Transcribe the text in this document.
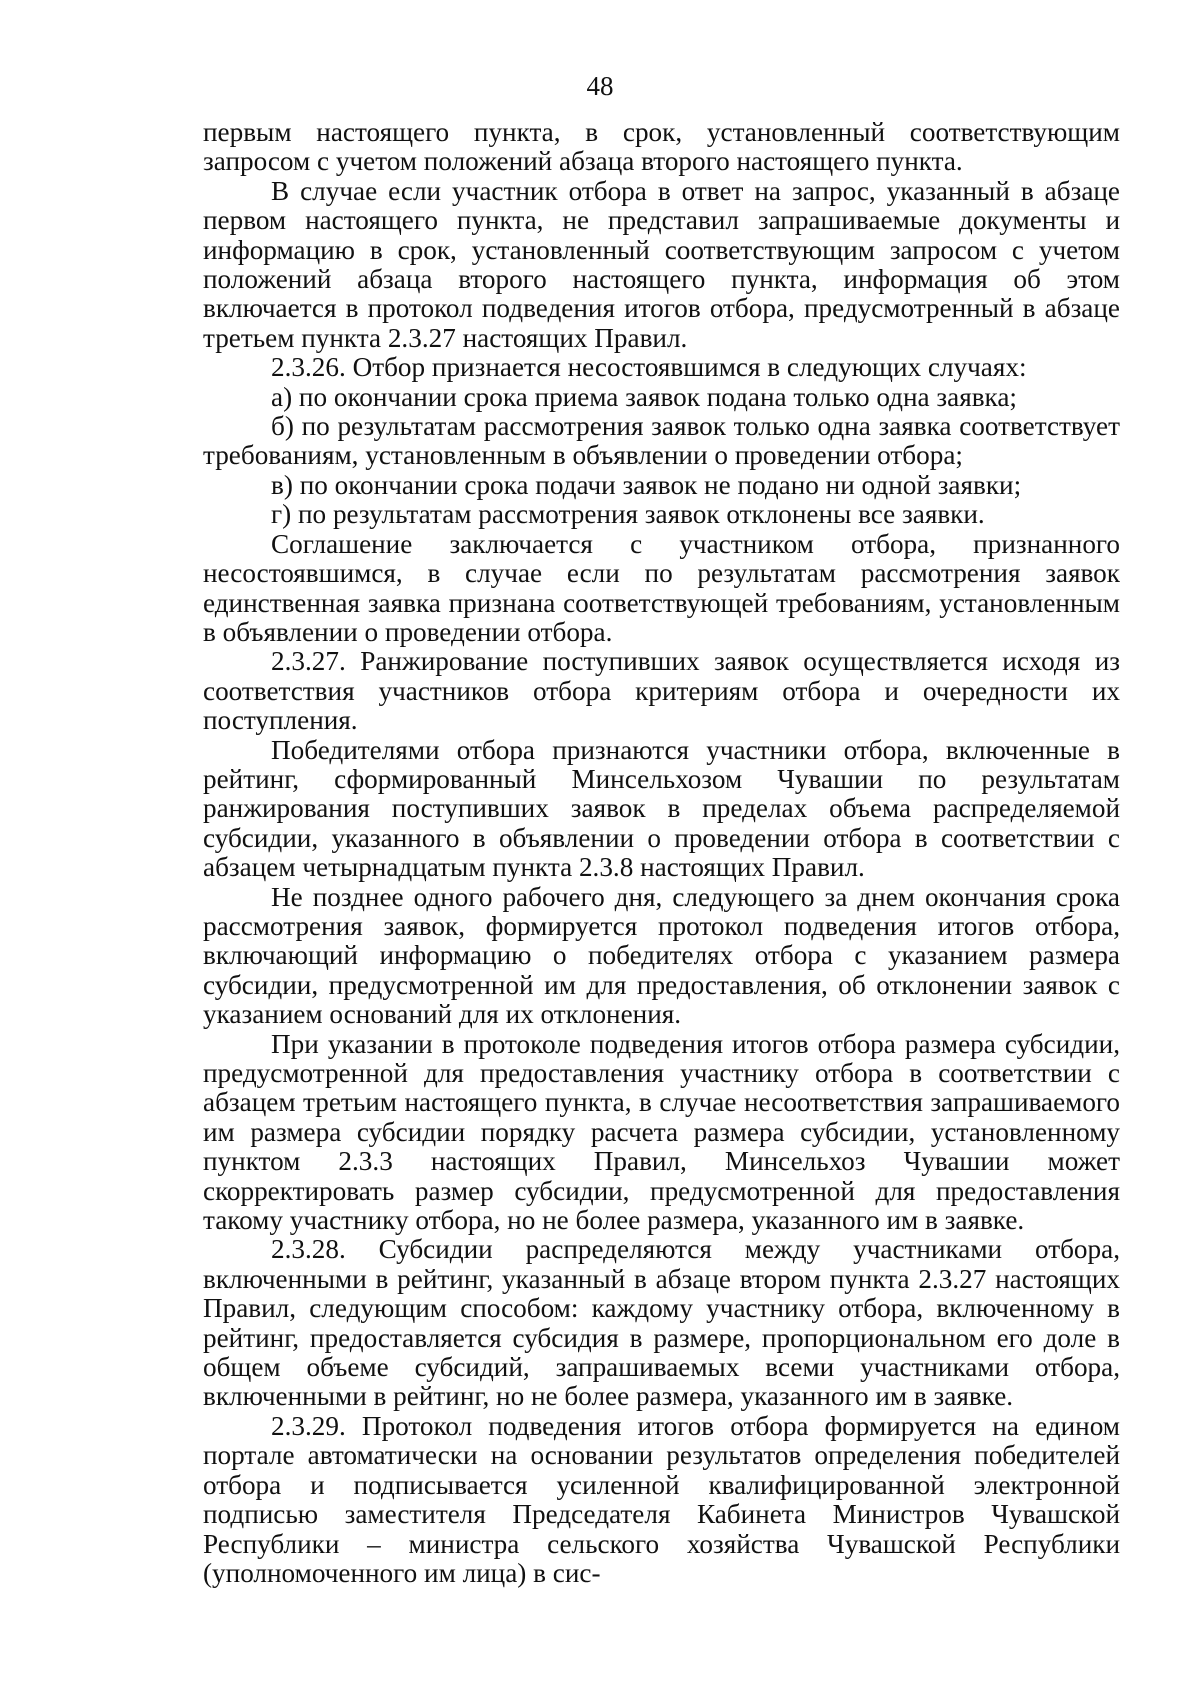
48

первым настоящего пункта, в срок, установленный соответствующим запросом с учетом положений абзаца второго настоящего пункта.

В случае если участник отбора в ответ на запрос, указанный в абзаце первом настоящего пункта, не представил запрашиваемые документы и информацию в срок, установленный соответствующим запросом с учетом положений абзаца второго настоящего пункта, информация об этом включается в протокол подведения итогов отбора, предусмотренный в абзаце третьем пункта 2.3.27 настоящих Правил.

2.3.26. Отбор признается несостоявшимся в следующих случаях:

а) по окончании срока приема заявок подана только одна заявка;

б) по результатам рассмотрения заявок только одна заявка соответствует требованиям, установленным в объявлении о проведении отбора;

в) по окончании срока подачи заявок не подано ни одной заявки;

г) по результатам рассмотрения заявок отклонены все заявки.

Соглашение заключается с участником отбора, признанного несостоявшимся, в случае если по результатам рассмотрения заявок единственная заявка признана соответствующей требованиям, установленным в объявлении о проведении отбора.

2.3.27. Ранжирование поступивших заявок осуществляется исходя из соответствия участников отбора критериям отбора и очередности их поступления.

Победителями отбора признаются участники отбора, включенные в рейтинг, сформированный Минсельхозом Чувашии по результатам ранжирования поступивших заявок в пределах объема распределяемой субсидии, указанного в объявлении о проведении отбора в соответствии с абзацем четырнадцатым пункта 2.3.8 настоящих Правил.

Не позднее одного рабочего дня, следующего за днем окончания срока рассмотрения заявок, формируется протокол подведения итогов отбора, включающий информацию о победителях отбора с указанием размера субсидии, предусмотренной им для предоставления, об отклонении заявок с указанием оснований для их отклонения.

При указании в протоколе подведения итогов отбора размера субсидии, предусмотренной для предоставления участнику отбора в соответствии с абзацем третьим настоящего пункта, в случае несоответствия запрашиваемого им размера субсидии порядку расчета размера субсидии, установленному пунктом 2.3.3 настоящих Правил, Минсельхоз Чувашии может скорректировать размер субсидии, предусмотренной для предоставления такому участнику отбора, но не более размера, указанного им в заявке.

2.3.28. Субсидии распределяются между участниками отбора, включенными в рейтинг, указанный в абзаце втором пункта 2.3.27 настоящих Правил, следующим способом: каждому участнику отбора, включенному в рейтинг, предоставляется субсидия в размере, пропорциональном его доле в общем объеме субсидий, запрашиваемых всеми участниками отбора, включенными в рейтинг, но не более размера, указанного им в заявке.

2.3.29. Протокол подведения итогов отбора формируется на едином портале автоматически на основании результатов определения победителей отбора и подписывается усиленной квалифицированной электронной подписью заместителя Председателя Кабинета Министров Чувашской Республики – министра сельского хозяйства Чувашской Республики (уполномоченного им лица) в сис-
